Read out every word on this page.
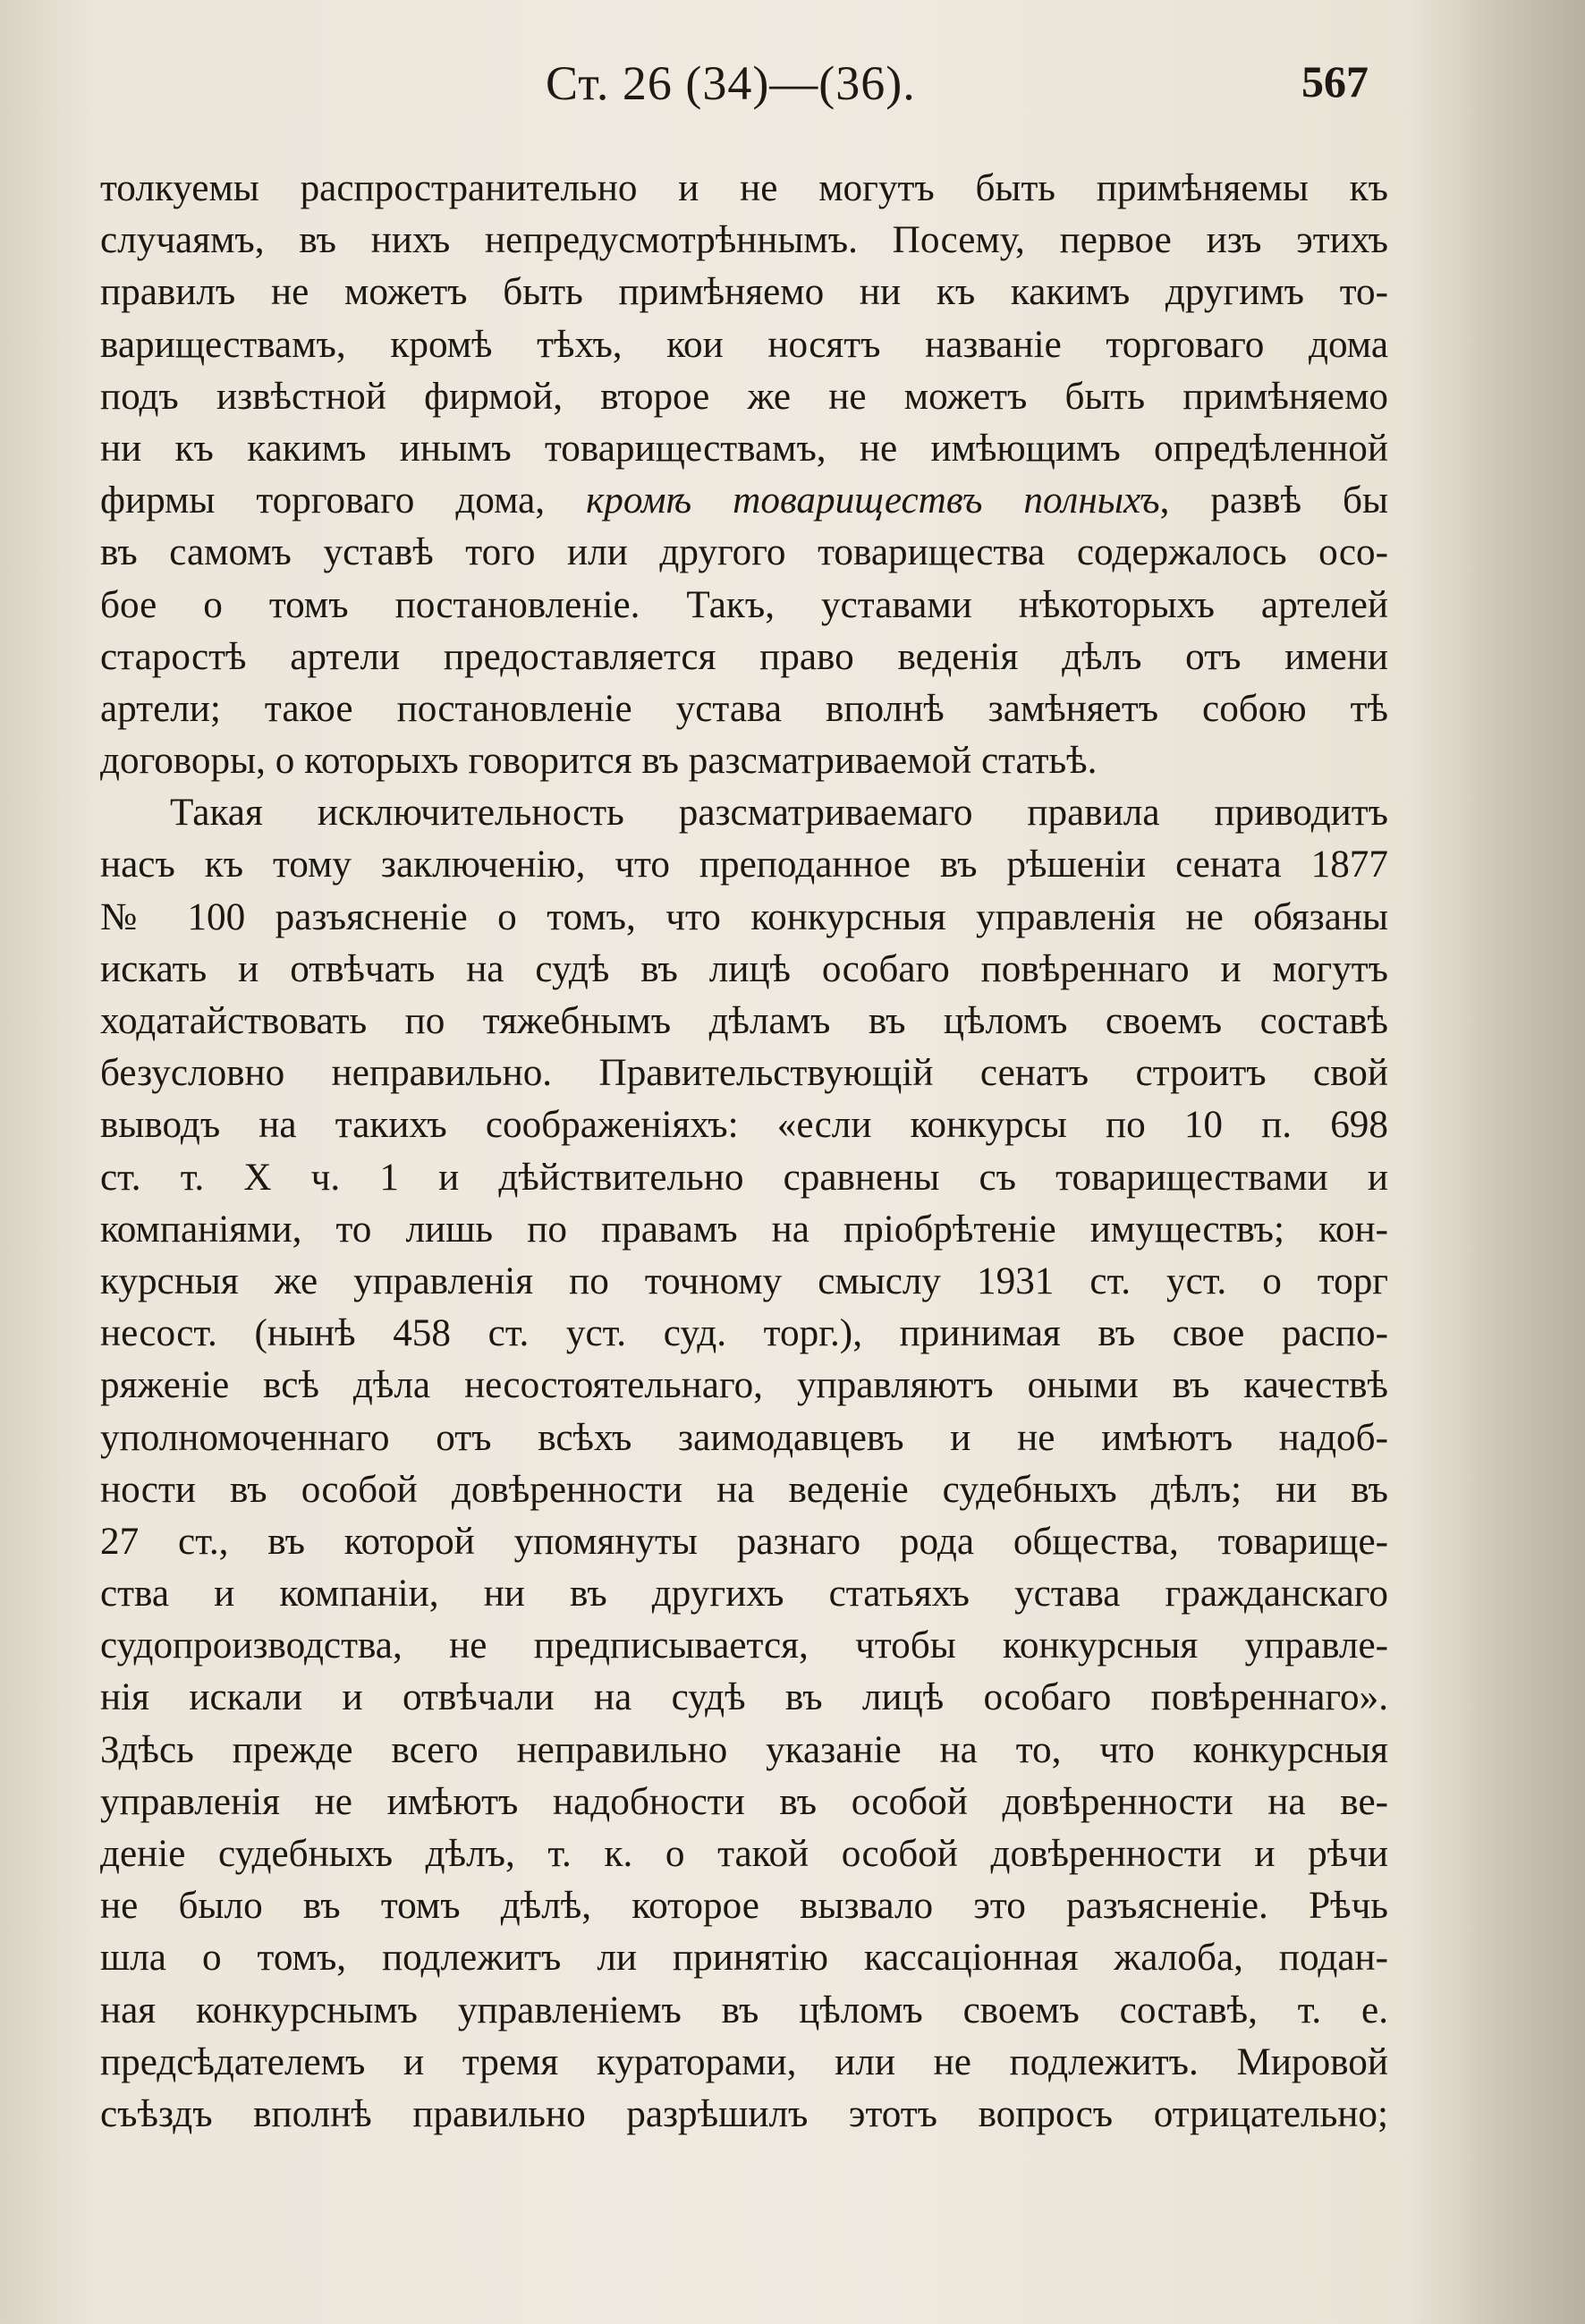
Ст. 26 (34)—(36).	567
толкуемы распространительно и не могутъ быть примѣняемы къ
случаямъ, въ нихъ непредусмотрѣннымъ. Посему, первое изъ этихъ
правилъ не можетъ быть примѣняемо ни къ какимъ другимъ то-
вариществамъ, кромѣ тѣхъ, кои носятъ названіе торговаго дома
подъ извѣстной фирмой, второе же не можетъ быть примѣняемо
ни къ какимъ инымъ товариществамъ, не имѣющимъ опредѣленной
фирмы торговаго дома, кромѣ товариществъ полныхъ, развѣ бы
въ самомъ уставѣ того или другого товарищества содержалось осо-
бое о томъ постановленіе. Такъ, уставами нѣкоторыхъ артелей
старостѣ артели предоставляется право веденія дѣлъ отъ имени
артели; такое постановленіе устава вполнѣ замѣняетъ собою тѣ
договоры, о которыхъ говорится въ разсматриваемой статьѣ.
Такая исключительность разсматриваемаго правила приводитъ
насъ къ тому заключенію, что преподанное въ рѣшеніи сената 1877
№ 100 разъясненіе о томъ, что конкурсныя управленія не обязаны
искать и отвѣчать на судѣ въ лицѣ особаго повѣреннаго и могутъ
ходатайствовать по тяжебнымъ дѣламъ въ цѣломъ своемъ составѣ
безусловно неправильно. Правительствующій сенатъ строитъ свой
выводъ на такихъ соображеніяхъ: «если конкурсы по 10 п. 698
ст. т. X ч. 1 и дѣйствительно сравнены съ товариществами и
компаніями, то лишь по правамъ на пріобрѣтеніе имуществъ; кон-
курсныя же управленія по точному смыслу 1931 ст. уст. о торг
несост. (нынѣ 458 ст. уст. суд. торг.), принимая въ свое распо-
ряженіе всѣ дѣла несостоятельнаго, управляютъ оными въ качествѣ
уполномоченнаго отъ всѣхъ заимодавцевъ и не имѣютъ надоб-
ности въ особой довѣренности на веденіе судебныхъ дѣлъ; ни въ
27 ст., въ которой упомянуты разнаго рода общества, товарище-
ства и компаніи, ни въ другихъ статьяхъ устава гражданскаго
судопроизводства, не предписывается, чтобы конкурсныя управле-
нія искали и отвѣчали на судѣ въ лицѣ особаго повѣреннаго».
Здѣсь прежде всего неправильно указаніе на то, что конкурсныя
управленія не имѣютъ надобности въ особой довѣренности на ве-
деніе судебныхъ дѣлъ, т. к. о такой особой довѣренности и рѣчи
не было въ томъ дѣлѣ, которое вызвало это разъясненіе. Рѣчь
шла о томъ, подлежитъ ли принятію кассаціонная жалоба, подан-
ная конкурснымъ управленіемъ въ цѣломъ своемъ составѣ, т. е.
предсѣдателемъ и тремя кураторами, или не подлежитъ. Мировой
съѣздъ вполнѣ правильно разрѣшилъ этотъ вопросъ отрицательно;
